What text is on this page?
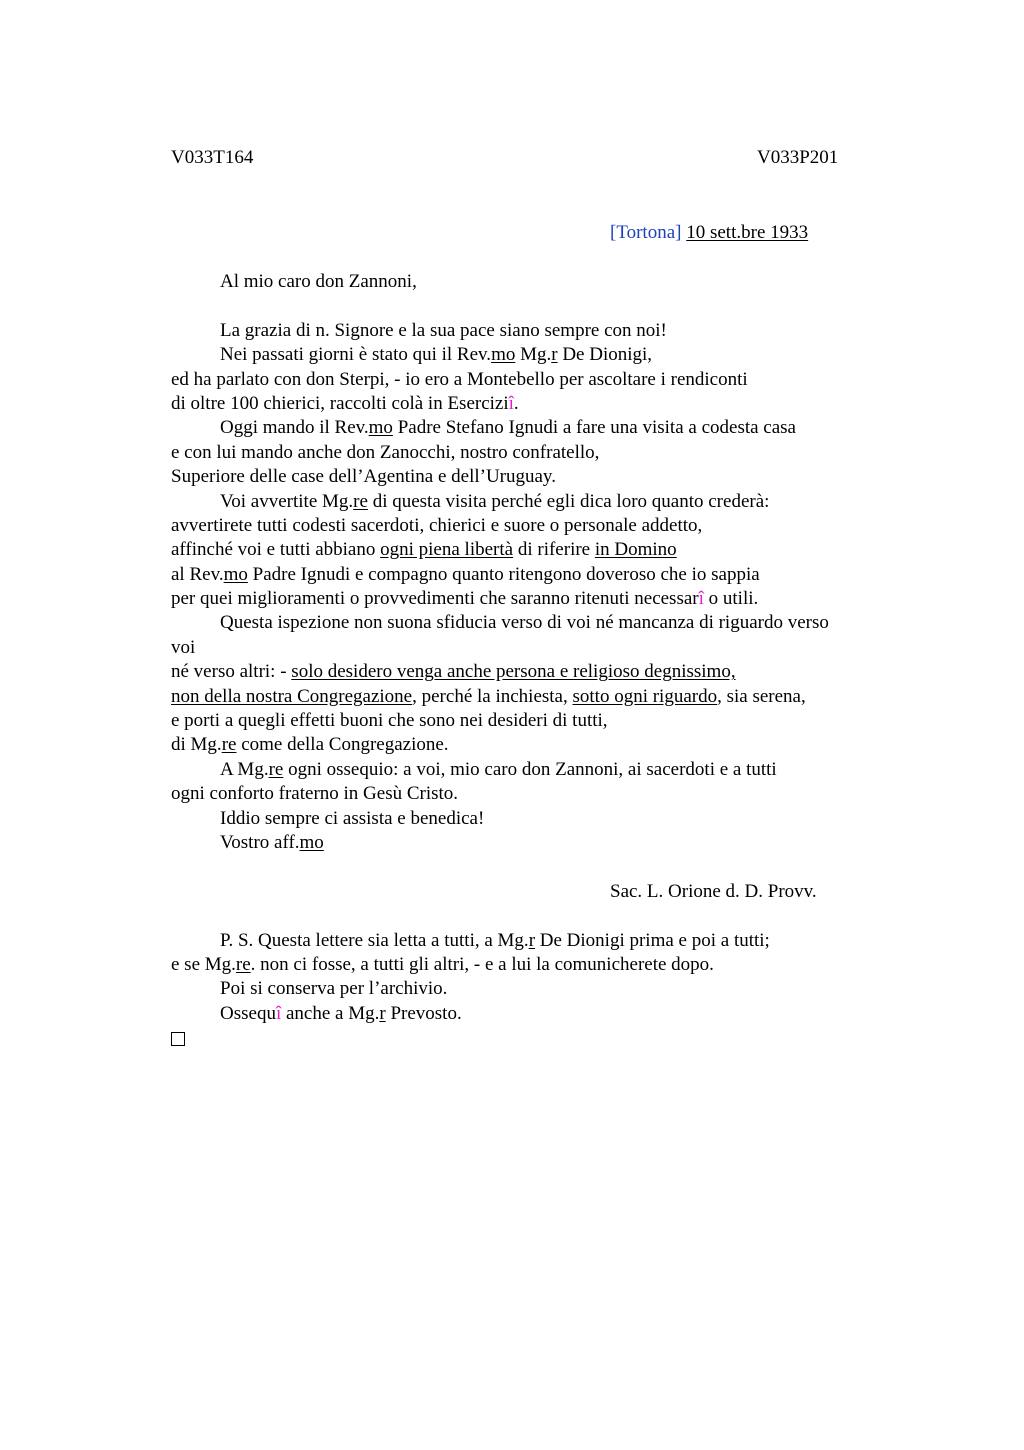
V033T164	V033P201
[Tortona] 10 sett.bre 1933
Al mio caro don Zannoni,
La grazia di n. Signore e la sua pace siano sempre con noi!
Nei passati giorni è stato qui il Rev.mo Mg.r De Dionigi,
ed ha parlato con don Sterpi, - io ero a Montebello per ascoltare i rendiconti
di oltre 100 chierici, raccolti colà in Eserciziî.
Oggi mando il Rev.mo Padre Stefano Ignudi a fare una visita a codesta casa
e con lui mando anche don Zanocchi, nostro confratello,
Superiore delle case dell’Agentina e dell’Uruguay.
Voi avvertite Mg.re di questa visita perché egli dica loro quanto crederà:
avvertirete tutti codesti sacerdoti, chierici e suore o personale addetto,
affinché voi e tutti abbiano ogni piena libertà di riferire in Domino
al Rev.mo Padre Ignudi e compagno quanto ritengono doveroso che io sappia
per quei miglioramenti o provvedimenti che saranno ritenuti necessarî o utili.
Questa ispezione non suona sfiducia verso di voi né mancanza di riguardo verso
voi
né verso altri: - solo desidero venga anche persona e religioso degnissimo,
non della nostra Congregazione, perché la inchiesta, sotto ogni riguardo, sia serena,
e porti a quegli effetti buoni che sono nei desideri di tutti,
di Mg.re come della Congregazione.
A Mg.re ogni ossequio: a voi, mio caro don Zannoni, ai sacerdoti e a tutti
ogni conforto fraterno in Gesù Cristo.
Iddio sempre ci assista e benedica!
Vostro aff.mo
Sac. L. Orione d. D. Provv.
P. S. Questa lettere sia letta a tutti, a Mg.r De Dionigi prima e poi a tutti;
e se Mg.re. non ci fosse, a tutti gli altri, - e a lui la comunicherete dopo.
Poi si conserva per l’archivio.
Ossequî anche a Mg.r Prevosto.
